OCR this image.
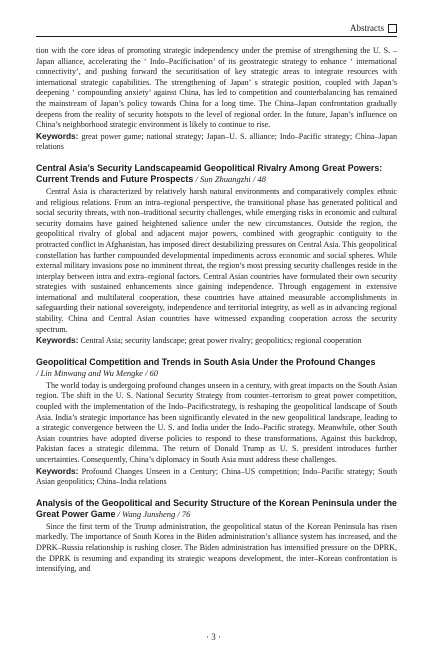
Abstracts

tion with the core ideas of promoting strategic independency under the premise of strengthening the U. S. –Japan alliance, accelerating the ‘ Indo–Pacificisation’ of its geostrategic strategy to enhance ‘ international connectivity’, and pushing forward the securitisation of key strategic areas to integrate resources with international strategic capabilities. The strengthening of Japan’ s strategic position, coupled with Japan’s deepening ‘ compounding anxiety’ against China, has led to competition and counterbalancing has remained the mainstream of Japan’s policy towards China for a long time. The China–Japan confrontation gradually deepens from the reality of security hotspots to the level of regional order. In the future, Japan’s influence on China’s neighborhood strategic environment is likely to continue to rise.

Keywords: great power game; national strategy; Japan–U. S. alliance; Indo–Pacific strategy; China–Japan relations

Central Asia’s Security Landscapeamid Geopolitical Rivalry Among Great Powers: Current Trends and Future Prospects / Sun Zhuangzhi / 48

Central Asia is characterized by relatively harsh natural environments and comparatively complex ethnic and religious relations. From an intra–regional perspective, the transitional phase has generated political and social security threats, with non–traditional security challenges, while emerging risks in economic and cultural security domains have gained heightened salience under the new circumstances. Outside the region, the geopolitical rivalry of global and adjacent major powers, combined with geographic contiguity to the protracted conflict in Afghanistan, has imposed direct destabilizing pressures on Central Asia. This geopolitical constellation has further compounded developmental impediments across economic and social spheres. While external military invasions pose no imminent threat, the region’s most pressing security challenges reside in the interplay between intra and extra–regional factors. Central Asian countries have formulated their own security strategies with sustained enhancements since gaining independence. Through engagement in extensive international and multilateral cooperation, these countries have attained measurable accomplishments in safeguarding their national sovereignty, independence and territorial integrity, as well as in advancing regional stability. China and Central Asian countries have witnessed expanding cooperation across the security spectrum.

Keywords: Central Asia; security landscape; great power rivalry; geopolitics; regional cooperation

Geopolitical Competition and Trends in South Asia Under the Profound Changes
/ Lin Minwang and Wu Mengke / 60

The world today is undergoing profound changes unseen in a century, with great impacts on the South Asian region. The shift in the U. S. National Security Strategy from counter–terrorism to great power competition, coupled with the implementation of the Indo–Pacificstrategy, is reshaping the geopolitical landscape of South Asia. India’s strategic importance has been significantly elevated in the new geopolitical landscape, leading to a strategic convergence between the U. S. and India under the Indo–Pacific strategy. Meanwhile, other South Asian countries have adopted diverse policies to respond to these transformations. Against this backdrop, Pakistan faces a strategic dilemma. The return of Donald Trump as U. S. president introduces further uncertainties. Consequently, China’s diplomacy in South Asia must address these challenges.

Keywords: Profound Changes Unseen in a Century; China–US competition; Indo–Pacific strategy; South Asian geopolitics; China–India relations

Analysis of the Geopolitical and Security Structure of the Korean Peninsula under the Great Power Game / Wang Junsheng / 76

Since the first term of the Trump administration, the geopolitical status of the Korean Peninsula has risen markedly. The importance of South Korea in the Biden administration’s alliance system has increased, and the DPRK–Russia relationship is rushing closer. The Biden administration has intensified pressure on the DPRK, the DPRK is resuming and expanding its strategic weapons development, the inter–Korean confrontation is intensifying, and

· 3 ·
